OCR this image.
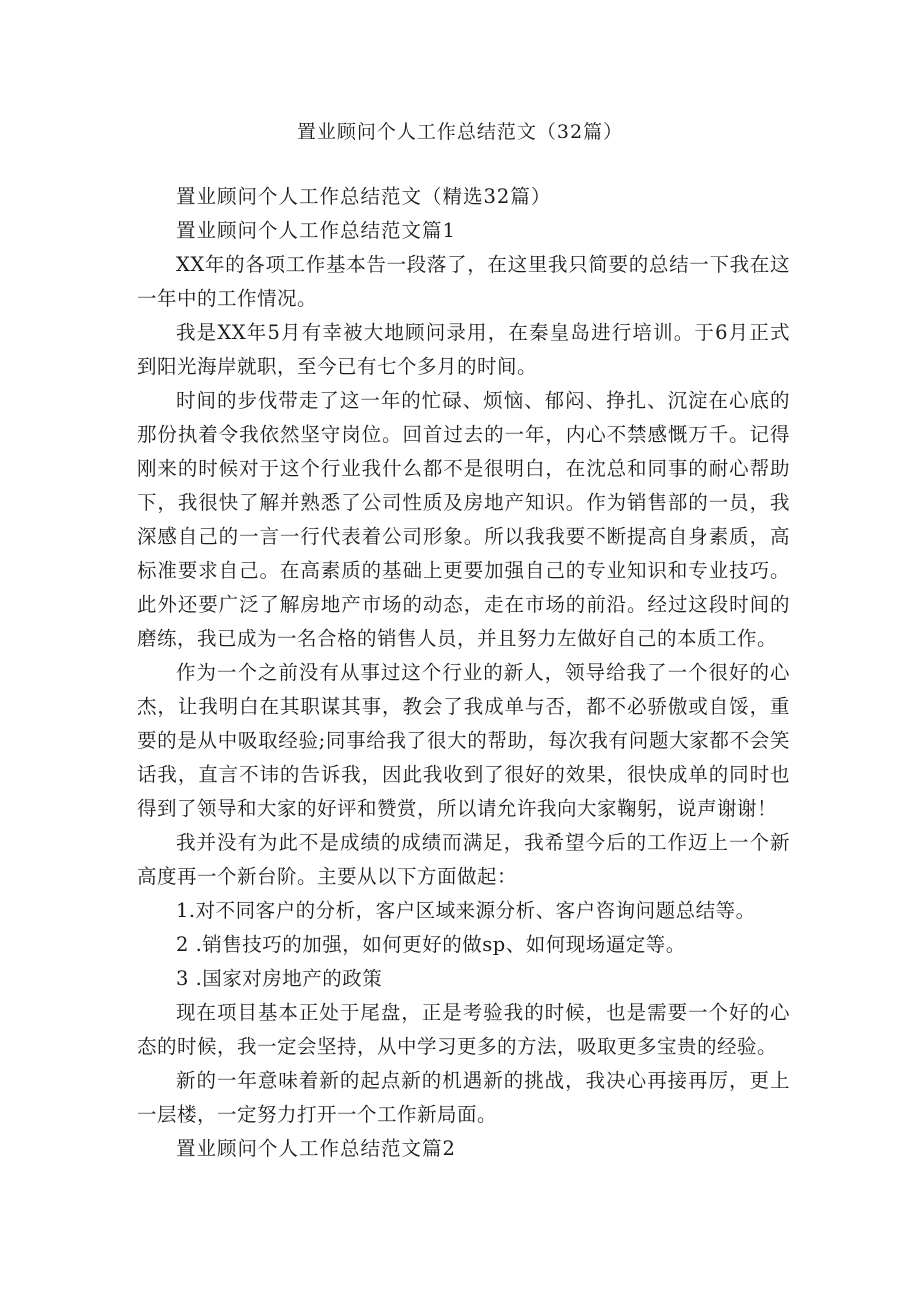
置业顾问个人工作总结范文（32篇）

置业顾问个人工作总结范文（精选32篇）

置业顾问个人工作总结范文篇1

XX年的各项工作基本告一段落了，在这里我只简要的总结一下我在这一年中的工作情况。

我是XX年5月有幸被大地顾问录用，在秦皇岛进行培训。于6月正式到阳光海岸就职，至今已有七个多月的时间。

时间的步伐带走了这一年的忙碌、烦恼、郁闷、挣扎、沉淀在心底的那份执着令我依然坚守岗位。回首过去的一年，内心不禁感慨万千。记得刚来的时候对于这个行业我什么都不是很明白，在沈总和同事的耐心帮助下，我很快了解并熟悉了公司性质及房地产知识。作为销售部的一员，我深感自己的一言一行代表着公司形象。所以我我要不断提高自身素质，高标准要求自己。在高素质的基础上更要加强自己的专业知识和专业技巧。此外还要广泛了解房地产市场的动态，走在市场的前沿。经过这段时间的磨练，我已成为一名合格的销售人员，并且努力左做好自己的本质工作。

作为一个之前没有从事过这个行业的新人，领导给我了一个很好的心杰，让我明白在其职谋其事，教会了我成单与否，都不必骄傲或自馁，重要的是从中吸取经验;同事给我了很大的帮助，每次我有问题大家都不会笑话我，直言不讳的告诉我，因此我收到了很好的效果，很快成单的同时也得到了领导和大家的好评和赞赏，所以请允许我向大家鞠躬，说声谢谢！

我并没有为此不是成绩的成绩而满足，我希望今后的工作迈上一个新高度再一个新台阶。主要从以下方面做起：

1.对不同客户的分析，客户区域来源分析、客户咨询问题总结等。

2 .销售技巧的加强，如何更好的做sp、如何现场逼定等。

3 .国家对房地产的政策

现在项目基本正处于尾盘，正是考验我的时候，也是需要一个好的心态的时候，我一定会坚持，从中学习更多的方法，吸取更多宝贵的经验。

新的一年意味着新的起点新的机遇新的挑战，我决心再接再厉，更上一层楼，一定努力打开一个工作新局面。

置业顾问个人工作总结范文篇2
